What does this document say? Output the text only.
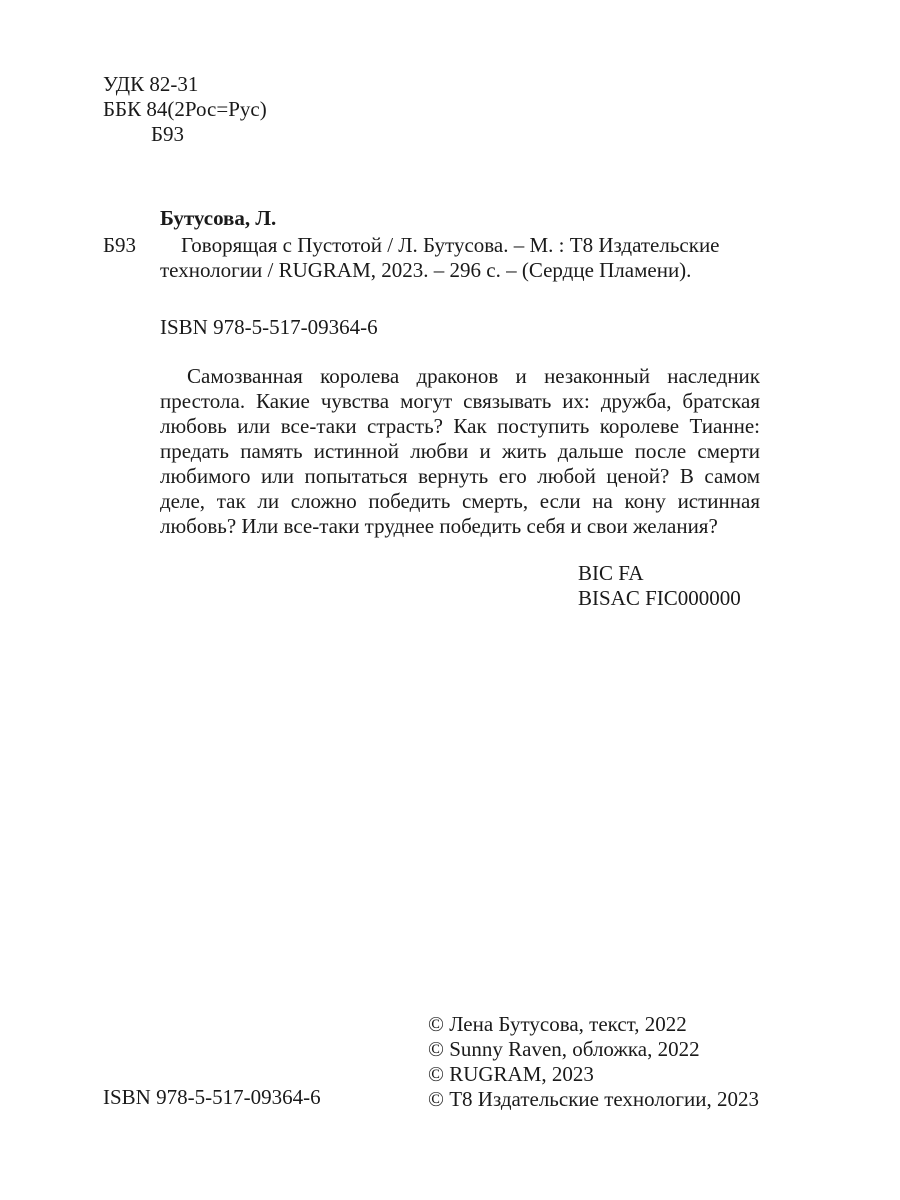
УДК 82-31
ББК 84(2Рос=Рус)
Б93
Бутусова, Л.
Б93	Говорящая с Пустотой / Л. Бутусова. – М. : Т8 Издательские
технологии / RUGRAM, 2023. – 296 с. – (Сердце Пламени).
ISBN 978-5-517-09364-6
Самозванная королева драконов и незаконный наследник
престола. Какие чувства могут связывать их: дружба, братская
любовь или все-таки страсть? Как поступить королеве Тианне:
предать память истинной любви и жить дальше после смерти
любимого или попытаться вернуть его любой ценой? В самом
деле, так ли сложно победить смерть, если на кону истинная
любовь? Или все-таки труднее победить себя и свои желания?
BIC FA
BISAC FIC000000
ISBN 978-5-517-09364-6
© Лена Бутусова, текст, 2022
© Sunny Raven, обложка, 2022
© RUGRAM, 2023
© Т8 Издательские технологии, 2023
